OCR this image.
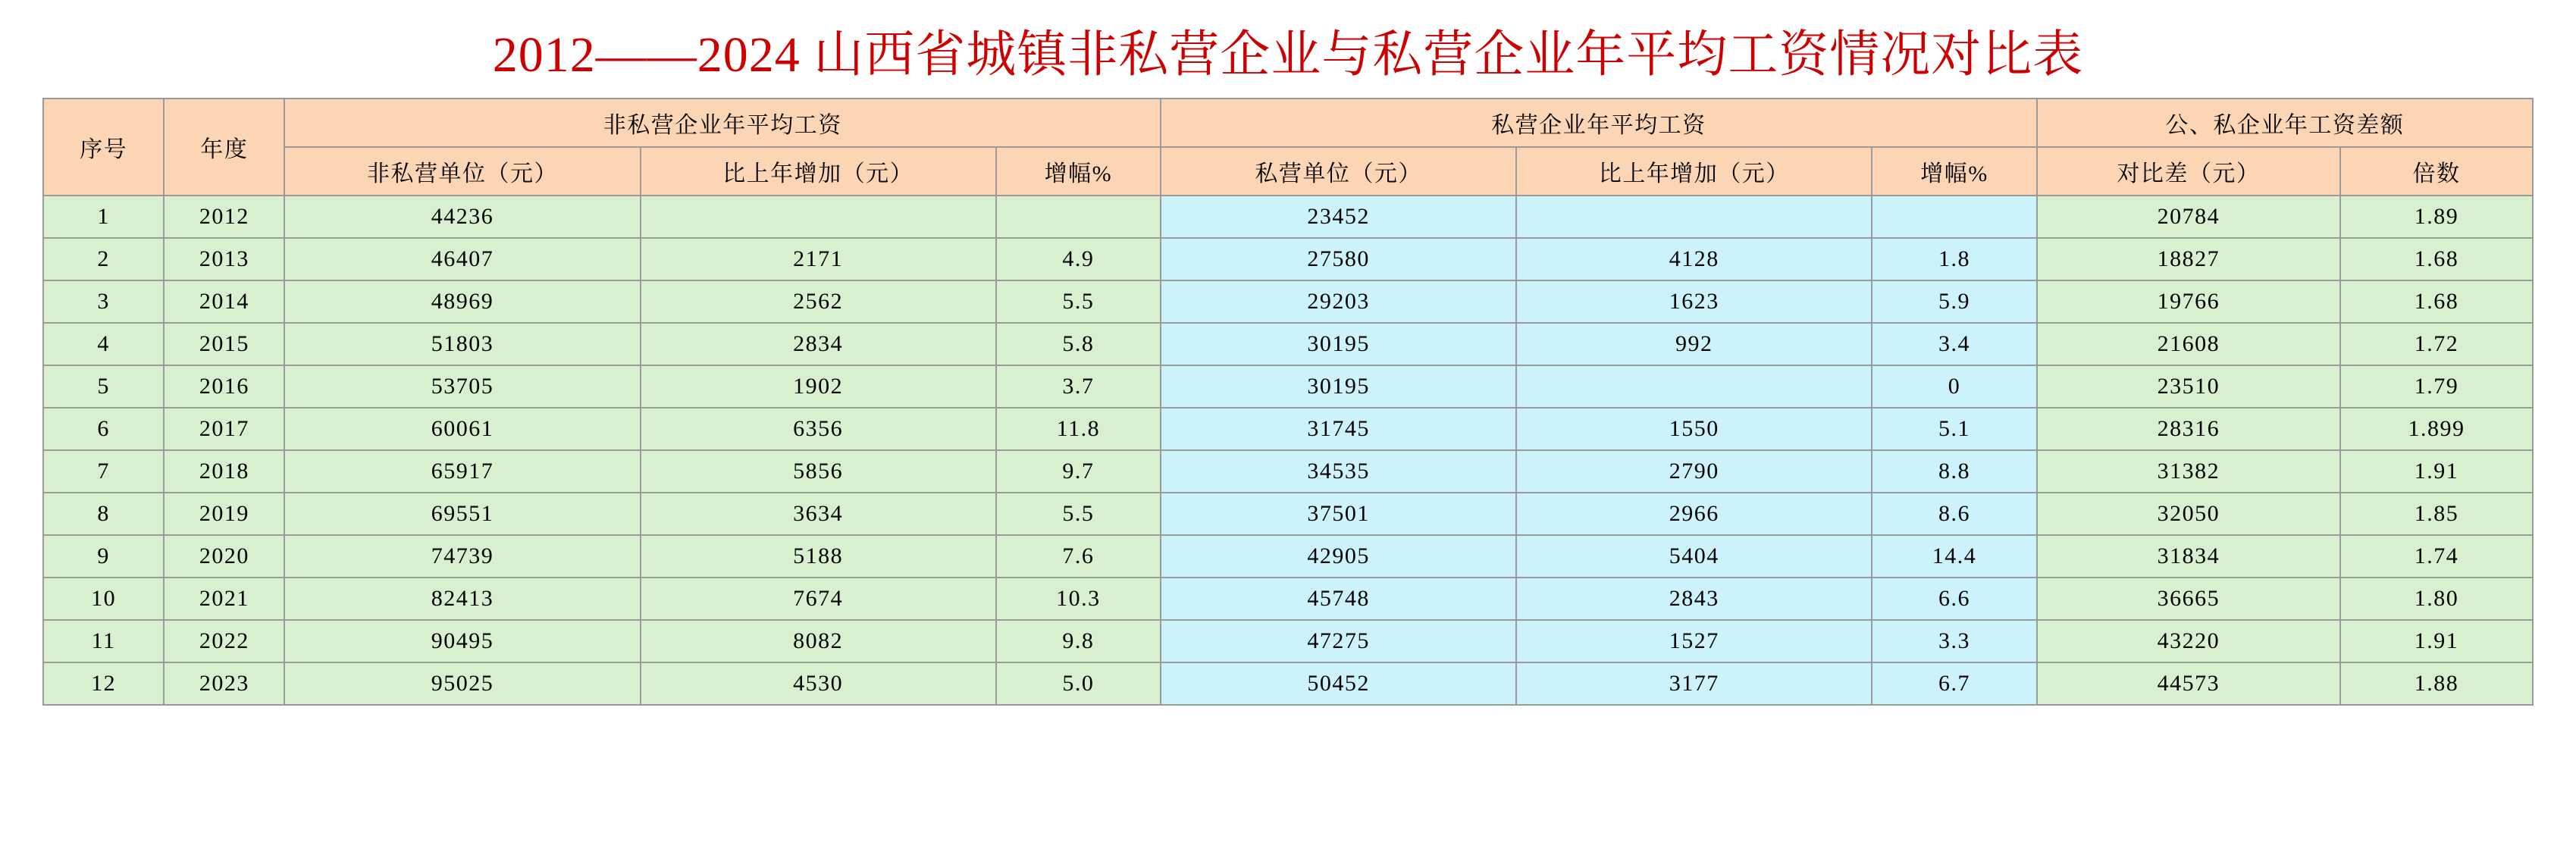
2012——2024 山西省城镇非私营企业与私营企业年平均工资情况对比表
序号	年度	非私营企业年平均工资			私营企业年平均工资			公、私企业年工资差额	
		非私营单位（元）	比上年增加（元）	增幅%	私营单位（元）	比上年增加（元）	增幅%	对比差（元）	倍数
1	2012	44236			23452			20784	1.89
2	2013	46407	2171	4.9	27580	4128	1.8	18827	1.68
3	2014	48969	2562	5.5	29203	1623	5.9	19766	1.68
4	2015	51803	2834	5.8	30195	992	3.4	21608	1.72
5	2016	53705	1902	3.7	30195		0	23510	1.79
6	2017	60061	6356	11.8	31745	1550	5.1	28316	1.899
7	2018	65917	5856	9.7	34535	2790	8.8	31382	1.91
8	2019	69551	3634	5.5	37501	2966	8.6	32050	1.85
9	2020	74739	5188	7.6	42905	5404	14.4	31834	1.74
10	2021	82413	7674	10.3	45748	2843	6.6	36665	1.80
11	2022	90495	8082	9.8	47275	1527	3.3	43220	1.91
12	2023	95025	4530	5.0	50452	3177	6.7	44573	1.88
